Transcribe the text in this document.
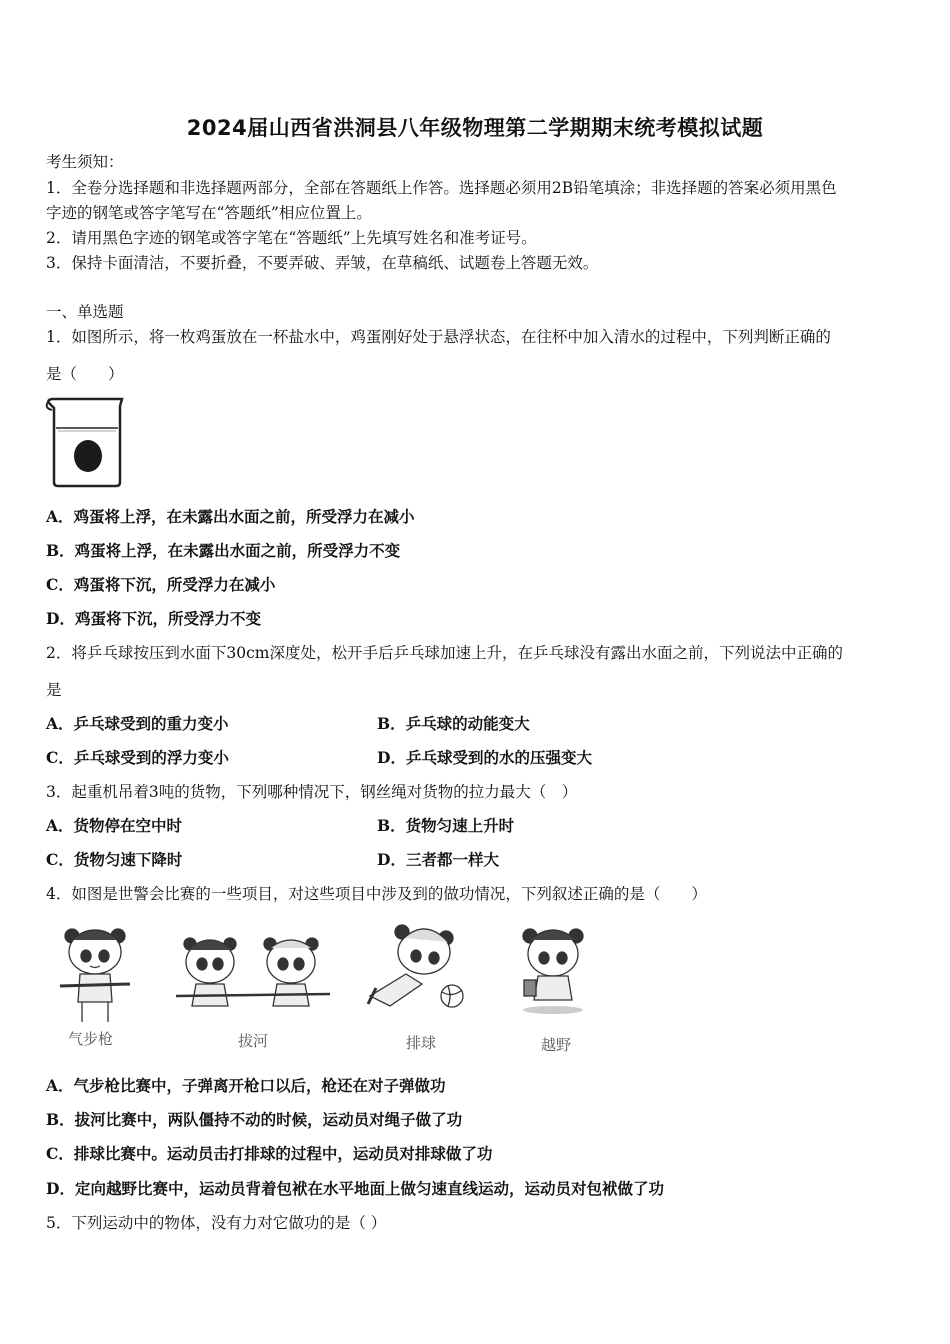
2024届山西省洪洞县八年级物理第二学期期末统考模拟试题
考生须知：
1．全卷分选择题和非选择题两部分，全部在答题纸上作答。选择题必须用2B铅笔填涂；非选择题的答案必须用黑色
字迹的钢笔或答字笔写在“答题纸”相应位置上。
2．请用黑色字迹的钢笔或答字笔在“答题纸”上先填写姓名和准考证号。
3．保持卡面清洁，不要折叠，不要弄破、弄皱，在草稿纸、试题卷上答题无效。
一、单选题
1．如图所示，将一枚鸡蛋放在一杯盐水中，鸡蛋刚好处于悬浮状态，在往杯中加入清水的过程中，下列判断正确的
是（　　）
A．鸡蛋将上浮，在未露出水面之前，所受浮力在减小
B．鸡蛋将上浮，在未露出水面之前，所受浮力不变
C．鸡蛋将下沉，所受浮力在减小
D．鸡蛋将下沉，所受浮力不变
2．将乒乓球按压到水面下30cm深度处，松开手后乒乓球加速上升，在乒乓球没有露出水面之前，下列说法中正确的
是
A．乒乓球受到的重力变小	B．乒乓球的动能变大
C．乒乓球受到的浮力变小	D．乒乓球受到的水的压强变大
3．起重机吊着3吨的货物，下列哪种情况下，钢丝绳对货物的拉力最大（　）
A．货物停在空中时	B．货物匀速上升时
C．货物匀速下降时	D．三者都一样大
4．如图是世警会比赛的一些项目，对这些项目中涉及到的做功情况，下列叙述正确的是（　　）
气步枪	拔河	排球	越野
A．气步枪比赛中，子弹离开枪口以后，枪还在对子弹做功
B．拔河比赛中，两队僵持不动的时候，运动员对绳子做了功
C．排球比赛中。运动员击打排球的过程中，运动员对排球做了功
D．定向越野比赛中，运动员背着包袱在水平地面上做匀速直线运动，运动员对包袱做了功
5．下列运动中的物体，没有力对它做功的是（ ）
